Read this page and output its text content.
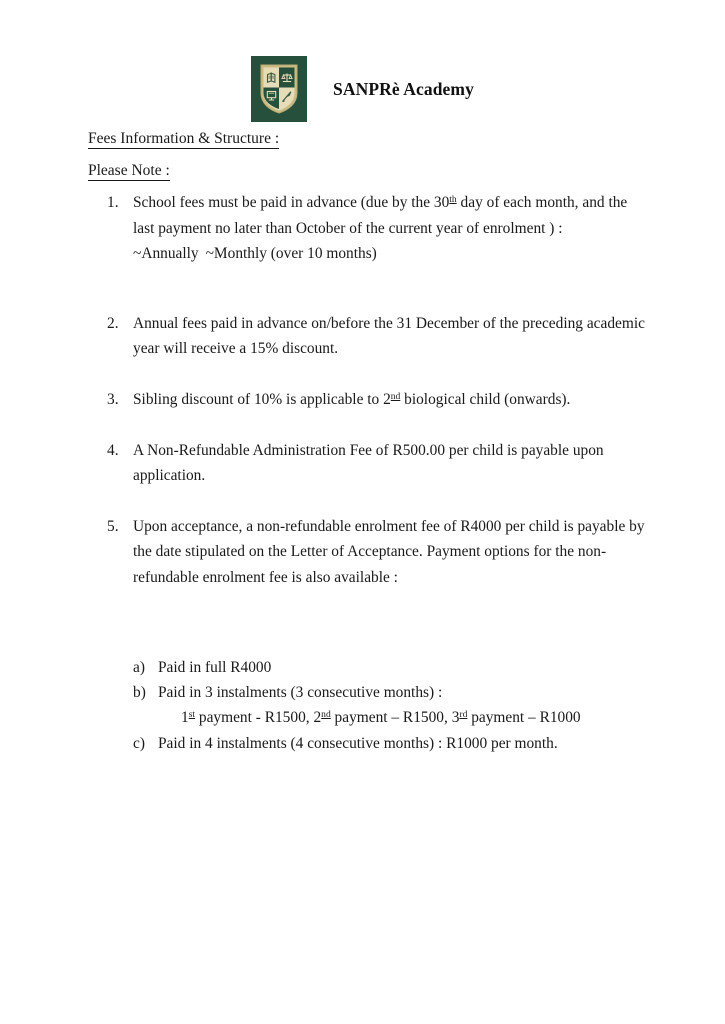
SANPRè Academy
Fees Information & Structure :
Please Note :
1. School fees must be paid in advance (due by the 30th day of each month, and the last payment no later than October of the current year of enrolment ) :~Annually ~Monthly (over 10 months)
2. Annual fees paid in advance on/before the 31 December of the preceding academic year will receive a 15% discount.
3. Sibling discount of 10% is applicable to 2nd biological child (onwards).
4. A Non-Refundable Administration Fee of R500.00 per child is payable upon application.
5. Upon acceptance, a non-refundable enrolment fee of R4000 per child is payable by the date stipulated on the Letter of Acceptance. Payment options for the non-refundable enrolment fee is also available :
a) Paid in full R4000
b) Paid in 3 instalments (3 consecutive months) :
1st payment - R1500, 2nd payment – R1500, 3rd payment – R1000
c) Paid in 4 instalments (4 consecutive months) : R1000 per month.
